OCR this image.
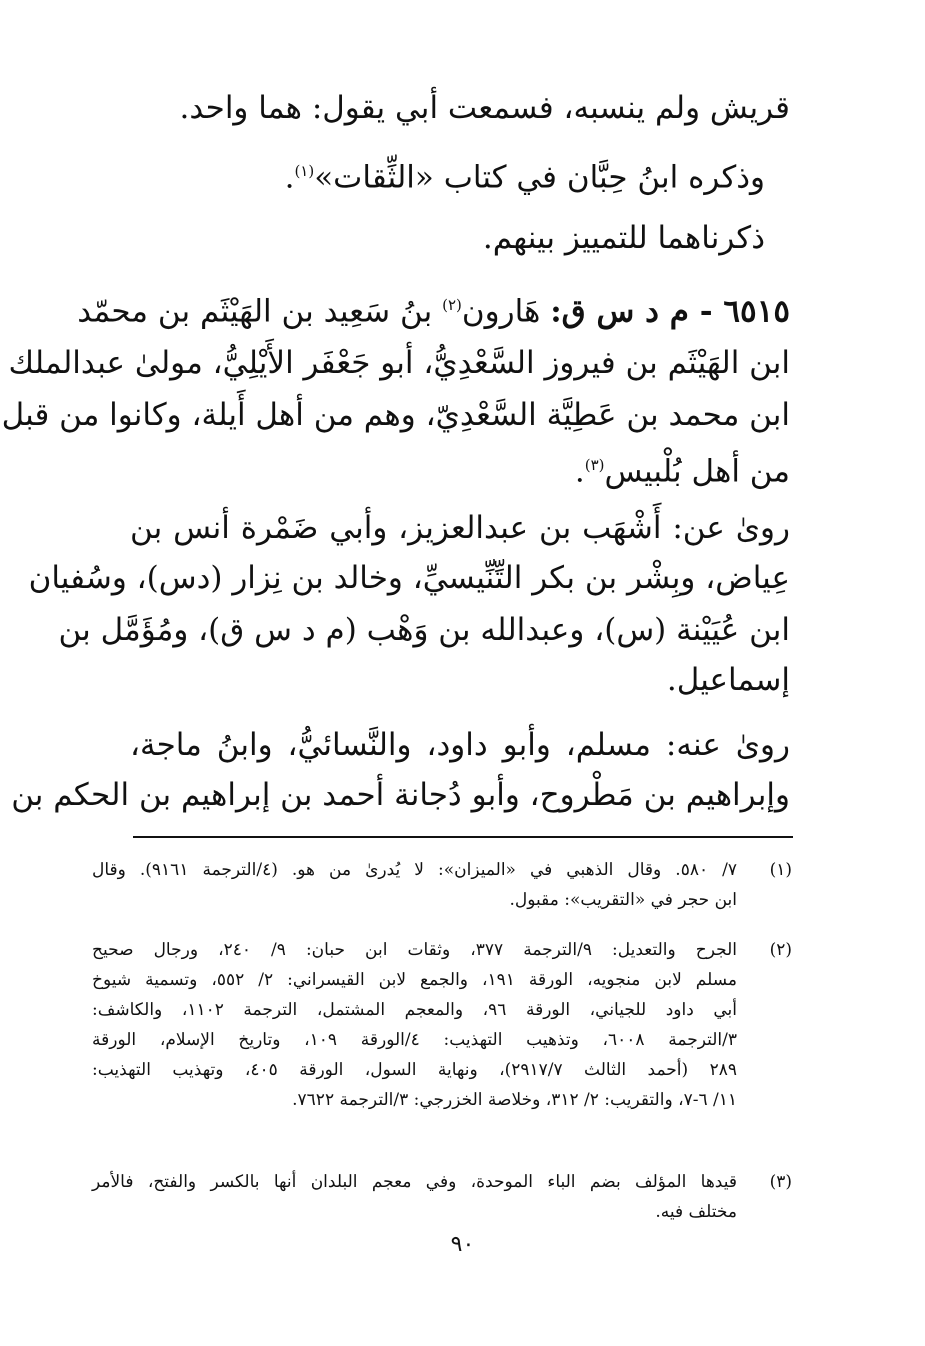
قريش ولم ينسبه، فسمعت أبي يقول: هما واحد.
وذكره ابنُ حِبَّان في كتاب «الثِّقات»$^{(١)}$.
ذكرناهما للتمييز بينهم.
٦٥١٥ - م د س ق: هَارون$^{(٢)}$ بنُ سَعِيد بن الهَيْثَم بن محمّد
ابن الهَيْثَم بن فيروز السَّعْدِيُّ، أبو جَعْفَر الأَيْلِيُّ، مولىٰ عبدالملك
ابن محمد بن عَطِيَّة السَّعْدِيّ، وهم من أهل أَيلة، وكانوا من قبل
من أهل بُلْبيس$^{(٣)}$.
روىٰ عن: أَشْهَب بن عبدالعزيز، وأبي ضَمْرة أنس بن
عِياض، وبِشْر بن بكر التِّنِّيسيِّ، وخالد بن نِزار (دس)، وسُفيان
ابن عُيَيْنة (س)، وعبدالله بن وَهْب (م د س ق)، ومُؤَمَّل بن
إسماعيل.
روىٰ عنه: مسلم، وأبو داود، والنَّسائيُّ، وابنُ ماجة،
وإبراهيم بن مَطْروح، وأبو دُجانة أحمد بن إبراهيم بن الحكم بن
(١)
٧/ ٥٨٠. وقال الذهبي في «الميزان»: لا يُدرىٰ من هو. (٤/الترجمة ٩١٦١). وقال
ابن حجر في «التقريب»: مقبول.
(٢)
الجرح والتعديل: ٩/الترجمة ٣٧٧، وثقات ابن حبان: ٩/ ٢٤٠، ورجال صحيح
مسلم لابن منجويه، الورقة ١٩١، والجمع لابن القيسراني: ٢/ ٥٥٢، وتسمية شيوخ
أبي داود للجياني، الورقة ٩٦، والمعجم المشتمل، الترجمة ١١٠٢، والكاشف:
٣/الترجمة ٦٠٠٨، وتذهيب التهذيب: ٤/الورقة ١٠٩، وتاريخ الإسلام، الورقة
٢٨٩ (أحمد الثالث ٢٩١٧/٧)، ونهاية السول، الورقة ٤٠٥، وتهذيب التهذيب:
١١/ ٦-٧، والتقريب: ٢/ ٣١٢، وخلاصة الخزرجي: ٣/الترجمة ٧٦٢٢.
(٣)
قيدها المؤلف بضم الباء الموحدة، وفي معجم البلدان أنها بالكسر والفتح، فالأمر
مختلف فيه.
٩٠
